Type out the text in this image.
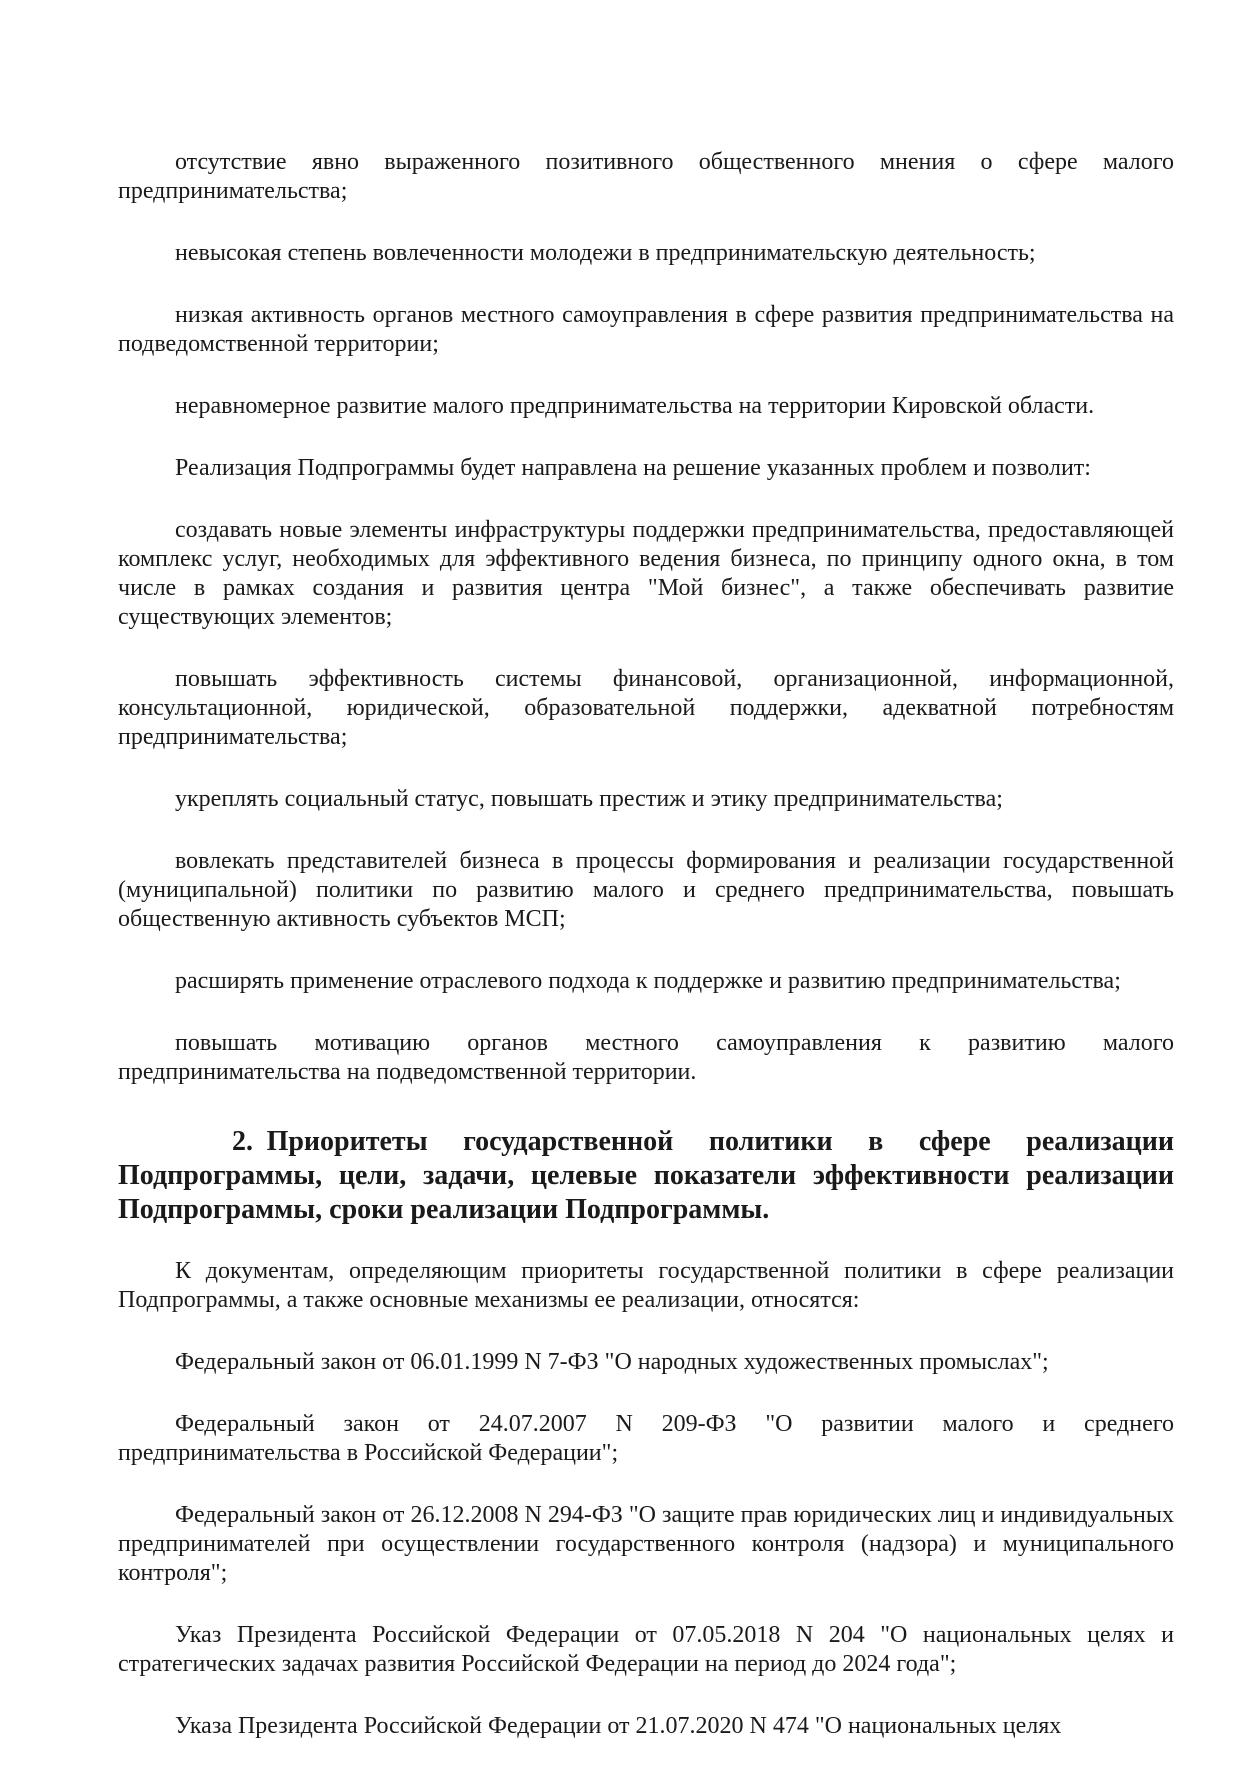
отсутствие явно выраженного позитивного общественного мнения о сфере малого предпринимательства;

невысокая степень вовлеченности молодежи в предпринимательскую деятельность;

низкая активность органов местного самоуправления в сфере развития предпринимательства на подведомственной территории;

неравномерное развитие малого предпринимательства на территории Кировской области.

Реализация Подпрограммы будет направлена на решение указанных проблем и позволит:

создавать новые элементы инфраструктуры поддержки предпринимательства, предоставляющей комплекс услуг, необходимых для эффективного ведения бизнеса, по принципу одного окна, в том числе в рамках создания и развития центра "Мой бизнес", а также обеспечивать развитие существующих элементов;

повышать эффективность системы финансовой, организационной, информационной, консультационной, юридической, образовательной поддержки, адекватной потребностям предпринимательства;

укреплять социальный статус, повышать престиж и этику предпринимательства;

вовлекать представителей бизнеса в процессы формирования и реализации государственной (муниципальной) политики по развитию малого и среднего предпринимательства, повышать общественную активность субъектов МСП;

расширять применение отраслевого подхода к поддержке и развитию предпринимательства;

повышать мотивацию органов местного самоуправления к развитию малого предпринимательства на подведомственной территории.

2. Приоритеты государственной политики в сфере реализации Подпрограммы, цели, задачи, целевые показатели эффективности реализации Подпрограммы, сроки реализации Подпрограммы.

К документам, определяющим приоритеты государственной политики в сфере реализации Подпрограммы, а также основные механизмы ее реализации, относятся:

Федеральный закон от 06.01.1999 N 7-ФЗ "О народных художественных промыслах";

Федеральный закон от 24.07.2007 N 209-ФЗ "О развитии малого и среднего предпринимательства в Российской Федерации";

Федеральный закон от 26.12.2008 N 294-ФЗ "О защите прав юридических лиц и индивидуальных предпринимателей при осуществлении государственного контроля (надзора) и муниципального контроля";

Указ Президента Российской Федерации от 07.05.2018 N 204 "О национальных целях и стратегических задачах развития Российской Федерации на период до 2024 года";

Указа Президента Российской Федерации от 21.07.2020 N 474 "О национальных целях
